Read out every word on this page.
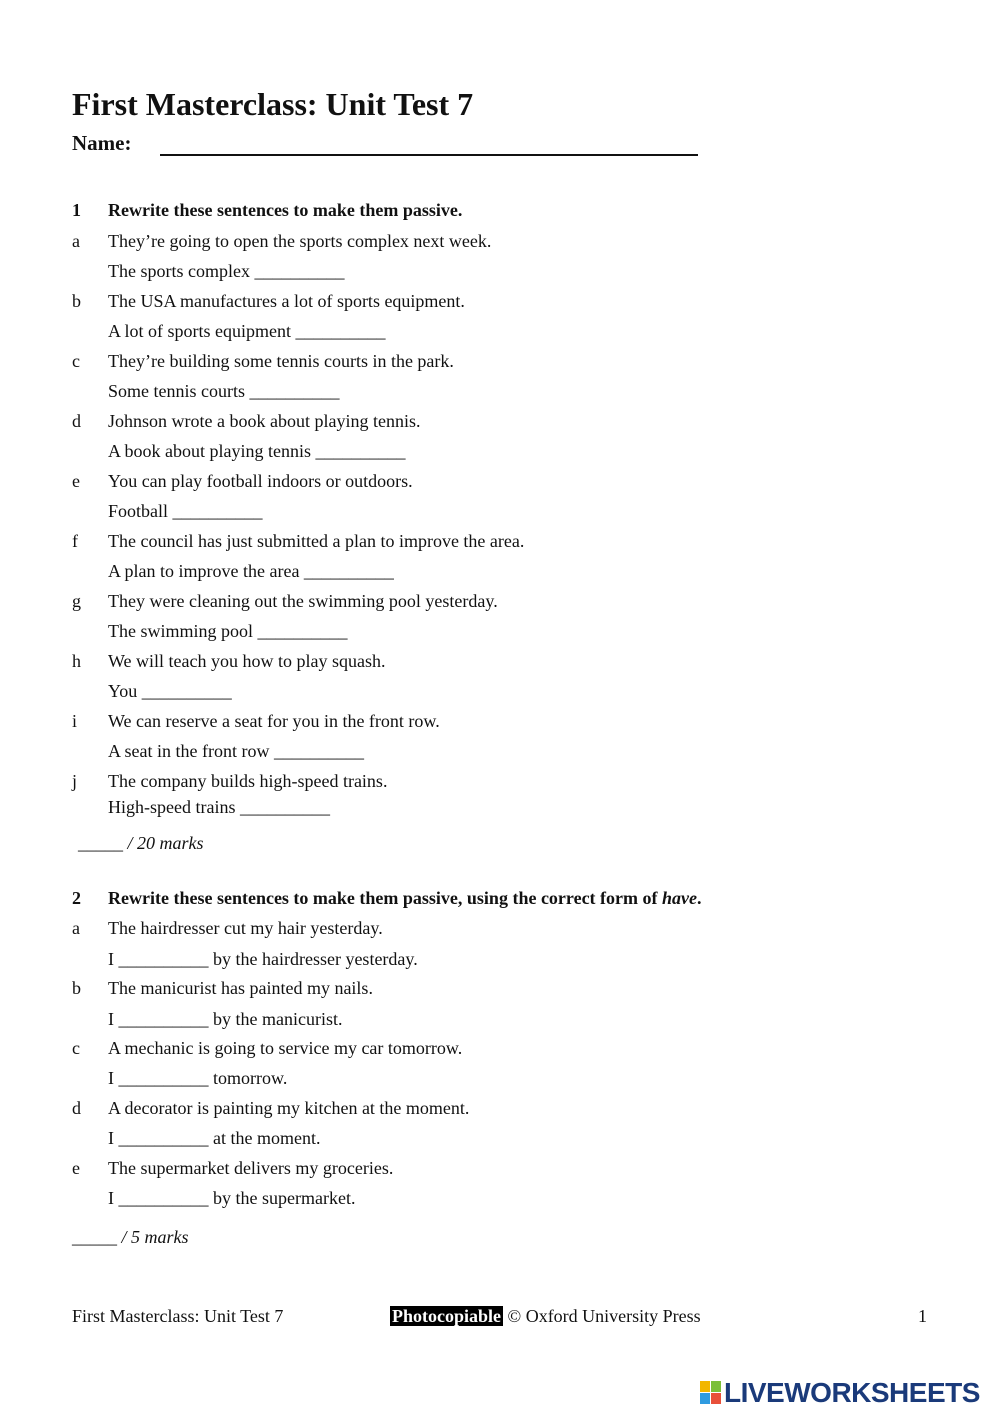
First Masterclass: Unit Test 7
Name:
1 Rewrite these sentences to make them passive.
a They’re going to open the sports complex next week.
The sports complex __________
b The USA manufactures a lot of sports equipment.
A lot of sports equipment __________
c They’re building some tennis courts in the park.
Some tennis courts __________
d Johnson wrote a book about playing tennis.
A book about playing tennis __________
e You can play football indoors or outdoors.
Football __________
f The council has just submitted a plan to improve the area.
A plan to improve the area __________
g They were cleaning out the swimming pool yesterday.
The swimming pool __________
h We will teach you how to play squash.
You __________
i We can reserve a seat for you in the front row.
A seat in the front row __________
j The company builds high-speed trains.
High-speed trains __________
_____ / 20 marks
2 Rewrite these sentences to make them passive, using the correct form of have.
a The hairdresser cut my hair yesterday.
I __________ by the hairdresser yesterday.
b The manicurist has painted my nails.
I __________ by the manicurist.
c A mechanic is going to service my car tomorrow.
I __________ tomorrow.
d A decorator is painting my kitchen at the moment.
I __________ at the moment.
e The supermarket delivers my groceries.
I __________ by the supermarket.
_____ / 5 marks
First Masterclass: Unit Test 7	Photocopiable © Oxford University Press	1
LIVEWORKSHEETS
